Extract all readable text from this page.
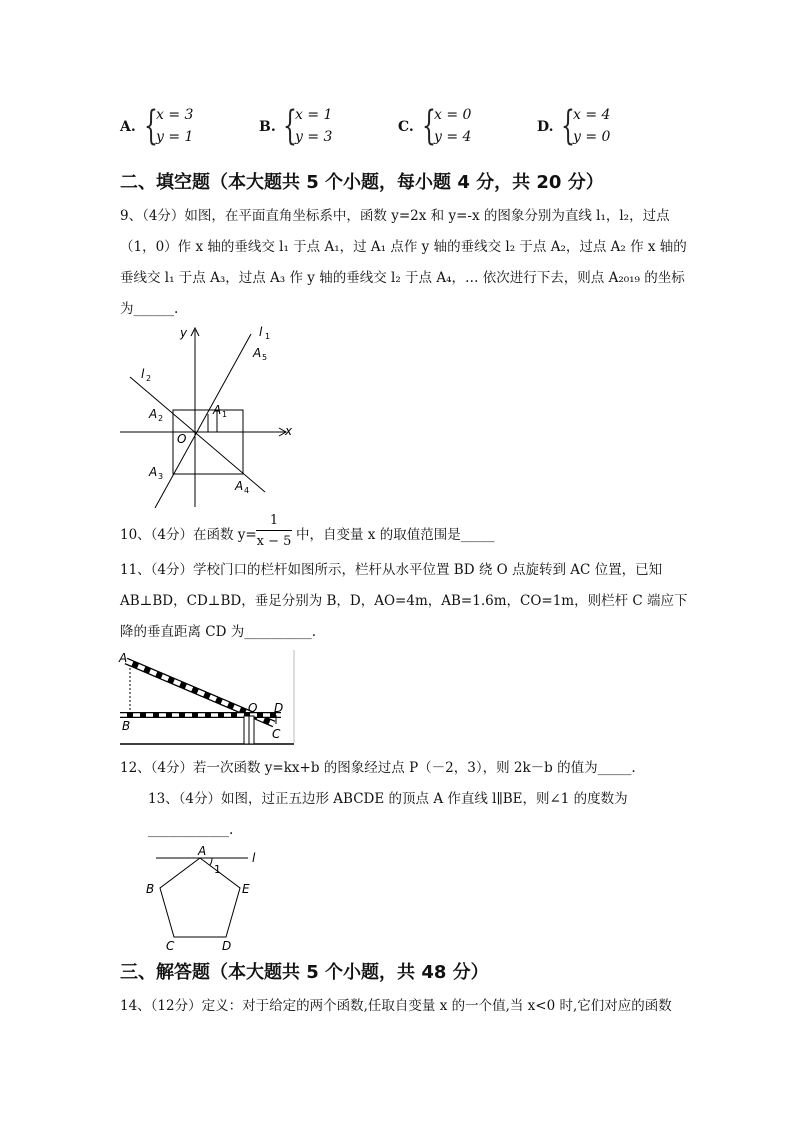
A. {
x = 3
y = 1
B. {
x = 1
y = 3
C. {
x = 0
y = 4
D. {
x = 4
y = 0
二、填空题（本大题共 5 个小题，每小题 4 分，共 20 分）
9、（4分）如图，在平面直角坐标系中，函数 y=2x 和 y=-x 的图象分别为直线 l₁，l₂，过点
（1，0）作 x 轴的垂线交 l₁ 于点 A₁，过 A₁ 点作 y 轴的垂线交 l₂ 于点 A₂，过点 A₂ 作 x 轴的
垂线交 l₁ 于点 A₃，过点 A₃ 作 y 轴的垂线交 l₂ 于点 A₄，… 依次进行下去，则点 A₂₀₁₉ 的坐标
为______.
y
x
O
l 1
l 2
A 1
A 2
A 3
A 4
A 5
10、（4分）在函数 y=
1
x − 5 中，自变量 x 的取值范围是_____
11、（4分）学校门口的栏杆如图所示，栏杆从水平位置 BD 绕 O 点旋转到 AC 位置，已知
AB⊥BD，CD⊥BD，垂足分别为 B，D，AO=4m，AB=1.6m，CO=1m，则栏杆 C 端应下
降的垂直距离 CD 为__________.
A
B
O D
C
12、（4分）若一次函数 y=kx+b 的图象经过点 P（－2，3），则 2k－b 的值为_____.
13、（4分）如图，过正五边形 ABCDE 的顶点 A 作直线 l∥BE，则∠1 的度数为
____________.
A
B
C	D
E
l
1
三、解答题（本大题共 5 个小题，共 48 分）
14、（12分）定义：对于给定的两个函数,任取自变量 x 的一个值,当 x<0 时,它们对应的函数
